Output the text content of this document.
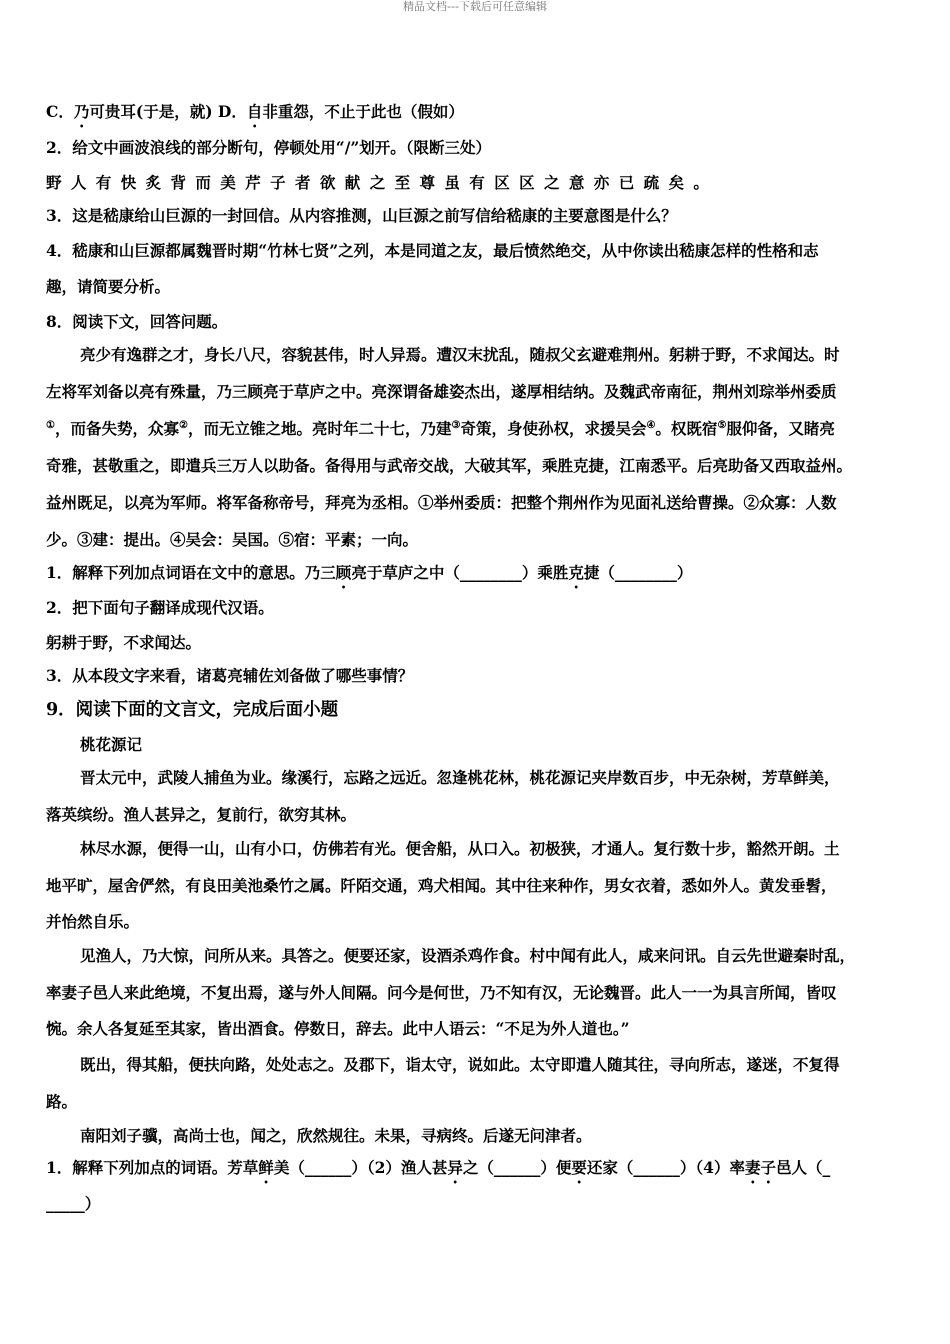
精品文档---下载后可任意编辑
C．乃可贵耳(于是，就) D．自非重怨，不止于此也（假如）
2．给文中画波浪线的部分断句，停顿处用“/”划开。（限断三处）
野人有快炙背而美芹子者欲献之至尊虽有区区之意亦已疏矣。
3．这是嵇康给山巨源的一封回信。从内容推测，山巨源之前写信给嵇康的主要意图是什么？
4．嵇康和山巨源都属魏晋时期“竹林七贤”之列，本是同道之友，最后愤然绝交，从中你读出嵇康怎样的性格和志
趣，请简要分析。
8．阅读下文，回答问题。
亮少有逸群之才，身长八尺，容貌甚伟，时人异焉。遭汉末扰乱，随叔父玄避难荆州。躬耕于野，不求闻达。时
左将军刘备以亮有殊量，乃三顾亮于草庐之中。亮深谓备雄姿杰出，遂厚相结纳。及魏武帝南征，荆州刘琮举州委质
①，而备失势，众寡②，而无立锥之地。亮时年二十七，乃建③奇策，身使孙权，求援吴会④。权既宿⑤服仰备，又睹亮
奇雅，甚敬重之，即遣兵三万人以助备。备得用与武帝交战，大破其军，乘胜克捷，江南悉平。后亮助备又西取益州。
益州既足，以亮为军师。将军备称帝号，拜亮为丞相。①举州委质：把整个荆州作为见面礼送给曹操。②众寡：人数
少。③建：提出。④吴会：吴国。⑤宿：平素；一向。
1．解释下列加点词语在文中的意思。乃三顾亮于草庐之中（________）乘胜克捷（________）
2．把下面句子翻译成现代汉语。
躬耕于野，不求闻达。
3．从本段文字来看，诸葛亮辅佐刘备做了哪些事情？
9．阅读下面的文言文，完成后面小题
桃花源记
晋太元中，武陵人捕鱼为业。缘溪行，忘路之远近。忽逢桃花林，桃花源记夹岸数百步，中无杂树，芳草鲜美，
落英缤纷。渔人甚异之，复前行，欲穷其林。
林尽水源，便得一山，山有小口，仿佛若有光。便舍船，从口入。初极狭，才通人。复行数十步，豁然开朗。土
地平旷，屋舍俨然，有良田美池桑竹之属。阡陌交通，鸡犬相闻。其中往来种作，男女衣着，悉如外人。黄发垂髫，
并怡然自乐。
见渔人，乃大惊，问所从来。具答之。便要还家，设酒杀鸡作食。村中闻有此人，咸来问讯。自云先世避秦时乱，
率妻子邑人来此绝境，不复出焉，遂与外人间隔。问今是何世，乃不知有汉，无论魏晋。此人一一为具言所闻，皆叹
惋。余人各复延至其家，皆出酒食。停数日，辞去。此中人语云：“不足为外人道也。”
既出，得其船，便扶向路，处处志之。及郡下，诣太守，说如此。太守即遣人随其往，寻向所志，遂迷，不复得
路。
南阳刘子骥，高尚士也，闻之，欣然规往。未果，寻病终。后遂无问津者。
1．解释下列加点的词语。芳草鲜美（______）（2）渔人甚异之（______）便要还家（______）（4）率妻子邑人（_
_____）
